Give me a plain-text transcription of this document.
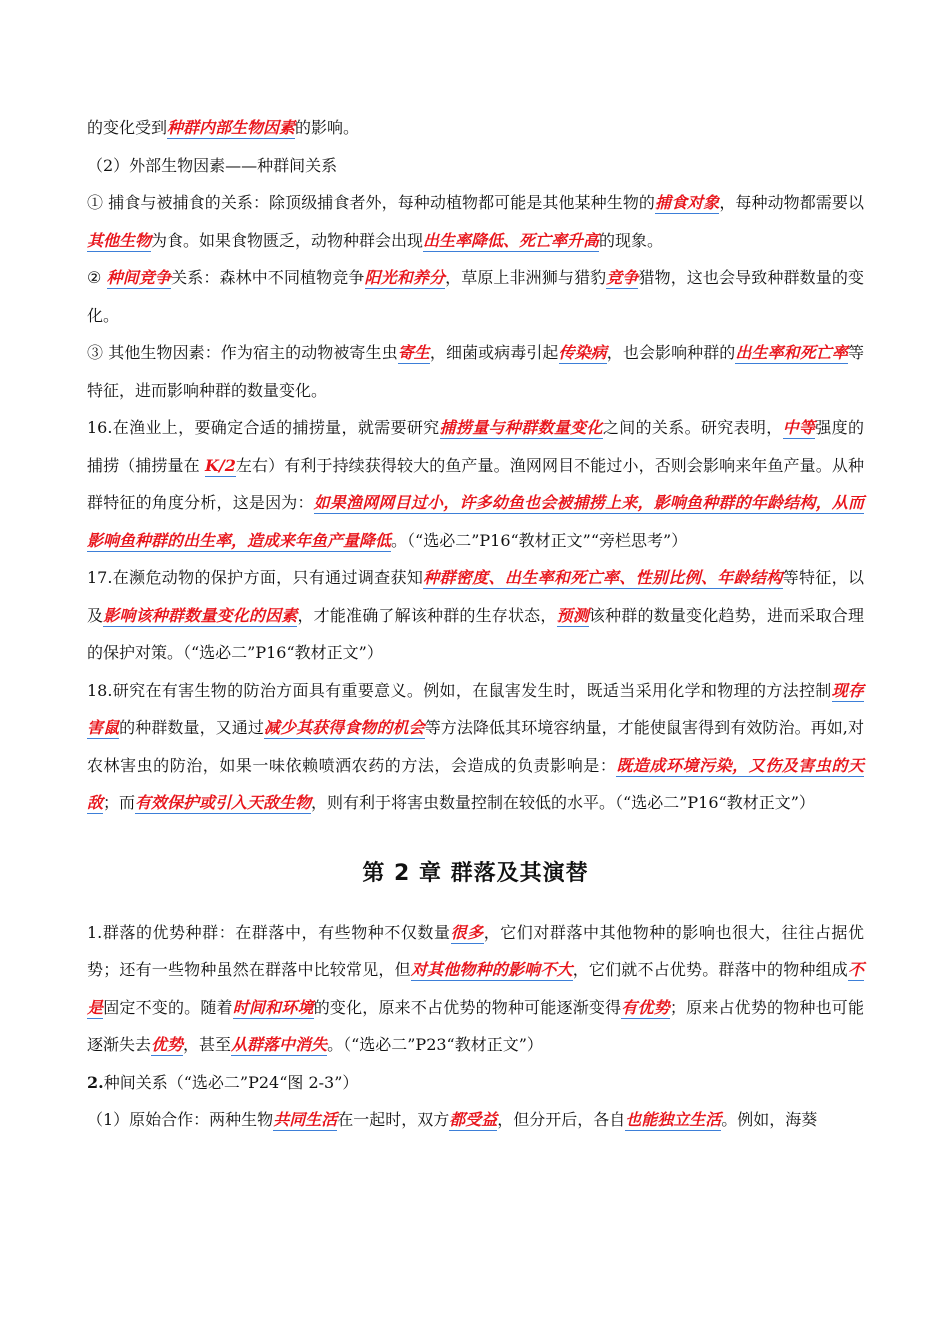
的变化受到种群内部生物因素的影响。

（2）外部生物因素——种群间关系

① 捕食与被捕食的关系：除顶级捕食者外，每种动植物都可能是其他某种生物的捕食对象，每种动物都需要以其他生物为食。如果食物匮乏，动物种群会出现出生率降低、死亡率升高的现象。

② 种间竞争关系：森林中不同植物竞争阳光和养分，草原上非洲狮与猎豹竞争猎物，这也会导致种群数量的变化。

③ 其他生物因素：作为宿主的动物被寄生虫寄生，细菌或病毒引起传染病，也会影响种群的出生率和死亡率等特征，进而影响种群的数量变化。

16.在渔业上，要确定合适的捕捞量，就需要研究捕捞量与种群数量变化之间的关系。研究表明，中等强度的捕捞（捕捞量在 K/2左右）有利于持续获得较大的鱼产量。渔网网目不能过小，否则会影响来年鱼产量。从种群特征的角度分析，这是因为：如果渔网网目过小，许多幼鱼也会被捕捞上来，影响鱼种群的年龄结构，从而影响鱼种群的出生率，造成来年鱼产量降低。（“选必二”P16“教材正文”“旁栏思考”）

17.在濒危动物的保护方面，只有通过调查获知种群密度、出生率和死亡率、性别比例、年龄结构等特征，以及影响该种群数量变化的因素，才能准确了解该种群的生存状态，预测该种群的数量变化趋势，进而采取合理的保护对策。（“选必二”P16“教材正文”）

18.研究在有害生物的防治方面具有重要意义。例如，在鼠害发生时，既适当采用化学和物理的方法控制现存害鼠的种群数量，又通过减少其获得食物的机会等方法降低其环境容纳量，才能使鼠害得到有效防治。再如,对农林害虫的防治，如果一味依赖喷洒农药的方法，会造成的负责影响是：既造成环境污染，又伤及害虫的天敌；而有效保护或引入天敌生物，则有利于将害虫数量控制在较低的水平。（“选必二”P16“教材正文”）

第 2 章 群落及其演替

1.群落的优势种群：在群落中，有些物种不仅数量很多，它们对群落中其他物种的影响也很大，往往占据优势；还有一些物种虽然在群落中比较常见，但对其他物种的影响不大，它们就不占优势。群落中的物种组成不是固定不变的。随着时间和环境的变化，原来不占优势的物种可能逐渐变得有优势；原来占优势的物种也可能逐渐失去优势，甚至从群落中消失。（“选必二”P23“教材正文”）

2.种间关系（“选必二”P24“图 2-3”）

（1）原始合作：两种生物共同生活在一起时，双方都受益，但分开后，各自也能独立生活。例如，海葵
